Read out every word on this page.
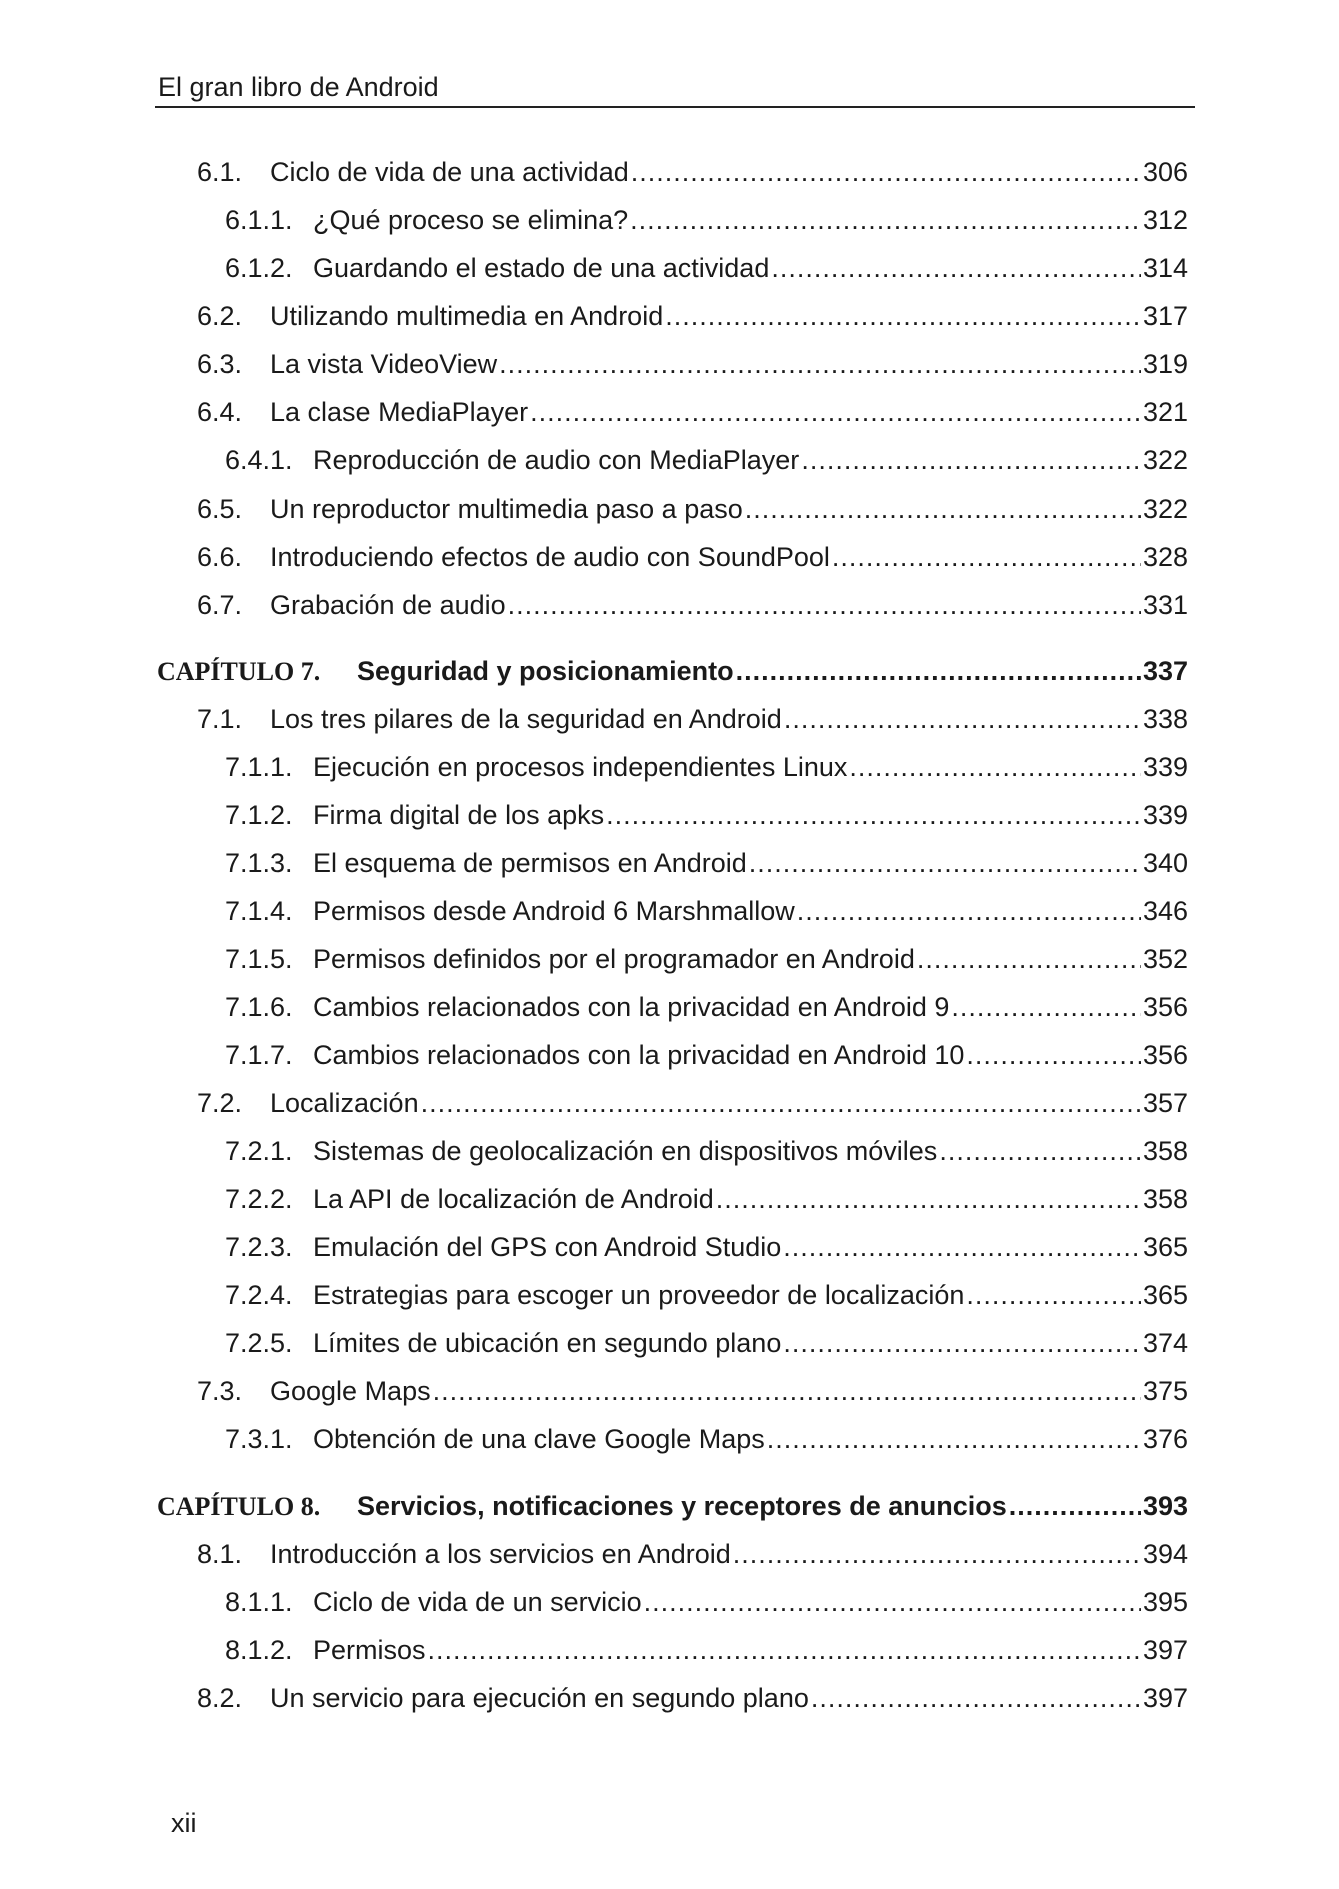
El gran libro de Android
6.1.	Ciclo de vida de una actividad .....	306
6.1.1. ¿Qué proceso se elimina? .....	312
6.1.2. Guardando el estado de una actividad .....	314
6.2.	Utilizando multimedia en Android .....	317
6.3.	La vista VideoView .....	319
6.4.	La clase MediaPlayer .....	321
6.4.1. Reproducción de audio con MediaPlayer .....	322
6.5.	Un reproductor multimedia paso a paso .....	322
6.6.	Introduciendo efectos de audio con SoundPool .....	328
6.7.	Grabación de audio .....	331
CAPÍTULO 7.	Seguridad y posicionamiento .....	337
7.1.	Los tres pilares de la seguridad en Android .....	338
7.1.1. Ejecución en procesos independientes Linux .....	339
7.1.2. Firma digital de los apks .....	339
7.1.3. El esquema de permisos en Android .....	340
7.1.4. Permisos desde Android 6 Marshmallow .....	346
7.1.5. Permisos definidos por el programador en Android .....	352
7.1.6. Cambios relacionados con la privacidad en Android 9 .....	356
7.1.7. Cambios relacionados con la privacidad en Android 10 .....	356
7.2.	Localización .....	357
7.2.1. Sistemas de geolocalización en dispositivos móviles .....	358
7.2.2. La API de localización de Android .....	358
7.2.3. Emulación del GPS con Android Studio .....	365
7.2.4. Estrategias para escoger un proveedor de localización .....	365
7.2.5. Límites de ubicación en segundo plano .....	374
7.3.	Google Maps .....	375
7.3.1. Obtención de una clave Google Maps .....	376
CAPÍTULO 8.	Servicios, notificaciones y receptores de anuncios .....	393
8.1.	Introducción a los servicios en Android .....	394
8.1.1. Ciclo de vida de un servicio .....	395
8.1.2. Permisos .....	397
8.2.	Un servicio para ejecución en segundo plano .....	397
xii
